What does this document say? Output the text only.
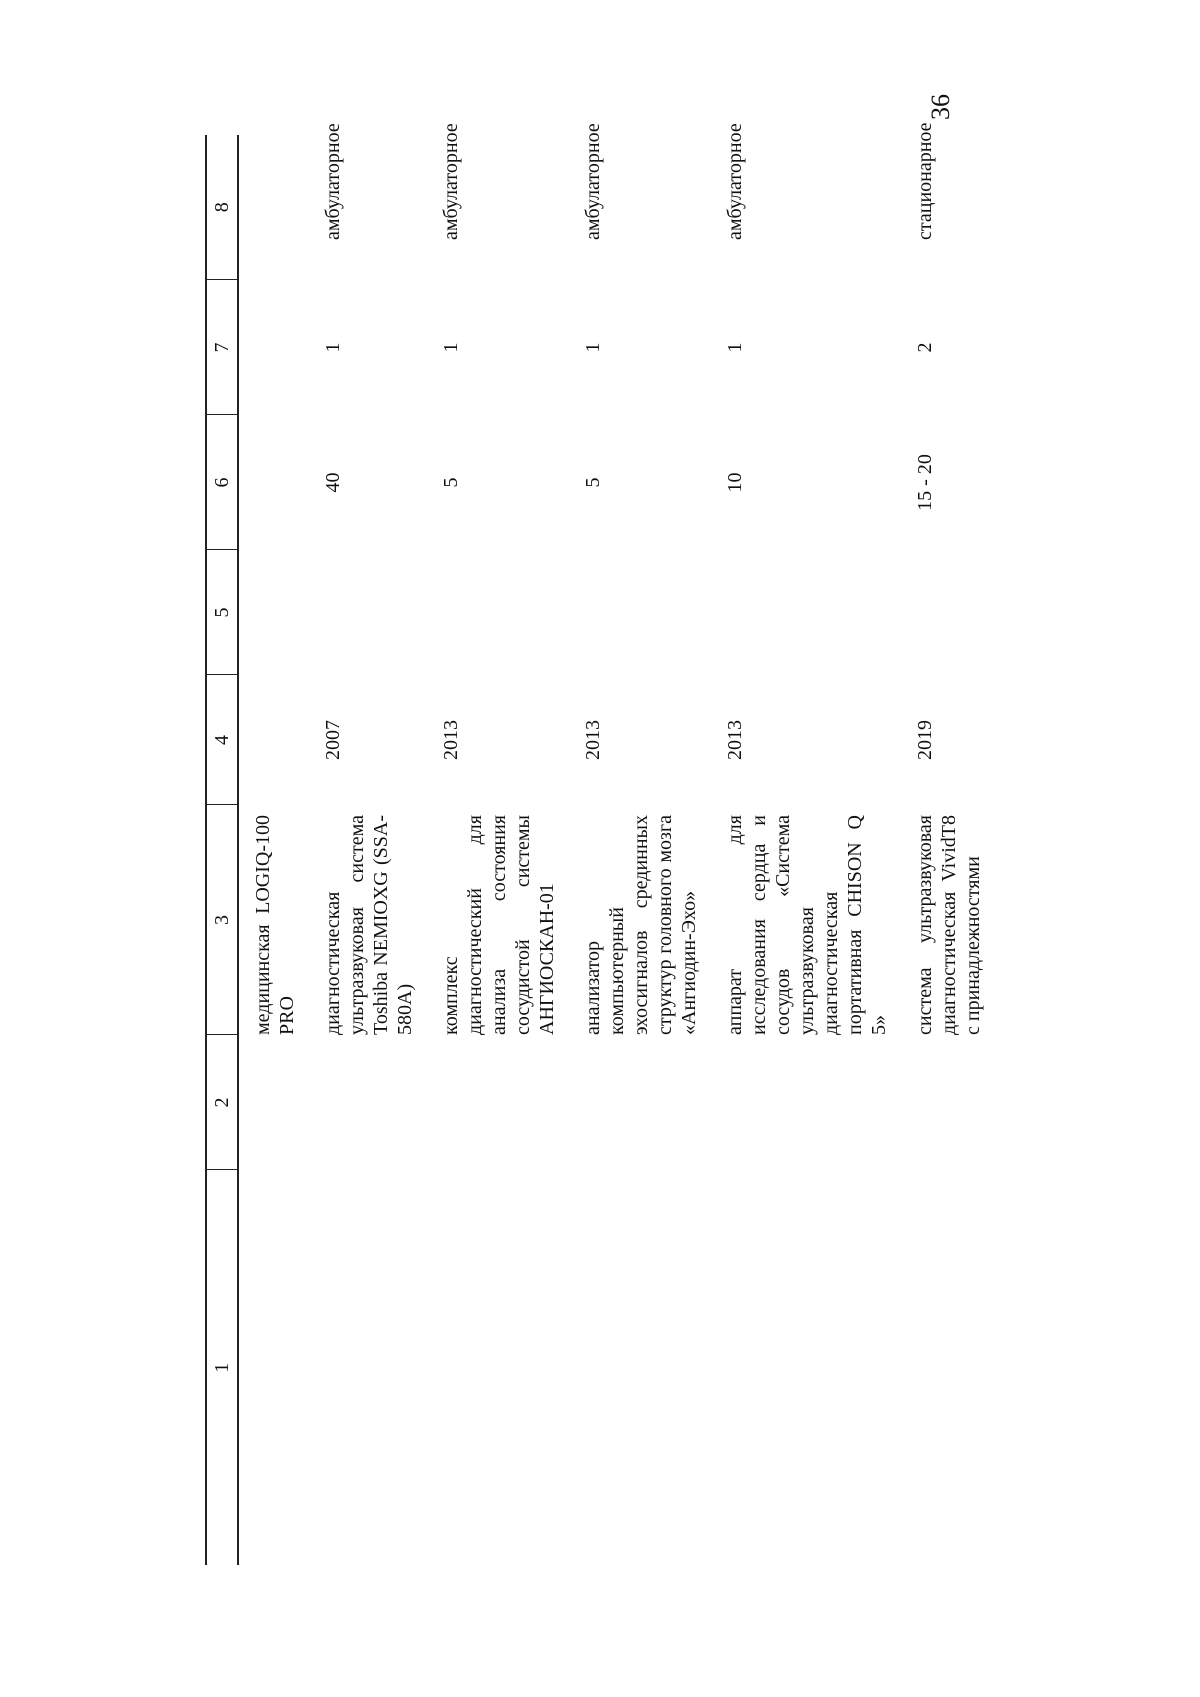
36
1	2	3	4	5	6	7	8
		медицинская LOGIQ-100 PRO					
		диагностическая ультразвуковая система Toshiba NEMIOXG (SSA-580A)	2007		40	1	амбулаторное
		комплекс диагностический для анализа состояния сосудистой системы АНГИОСКАН-01	2013		5	1	амбулаторное
		анализатор компьютерный эхосигналов срединных структур головного мозга «Ангиодин-Эхо»	2013		5	1	амбулаторное
		аппарат для исследования сердца и сосудов «Система ультразвуковая диагностическая портативная CHISON Q 5»	2013		10	1	амбулаторное
		система ультразвуковая диагностическая VividT8 с принадлежностями	2019		15 - 20	2	стационарное
